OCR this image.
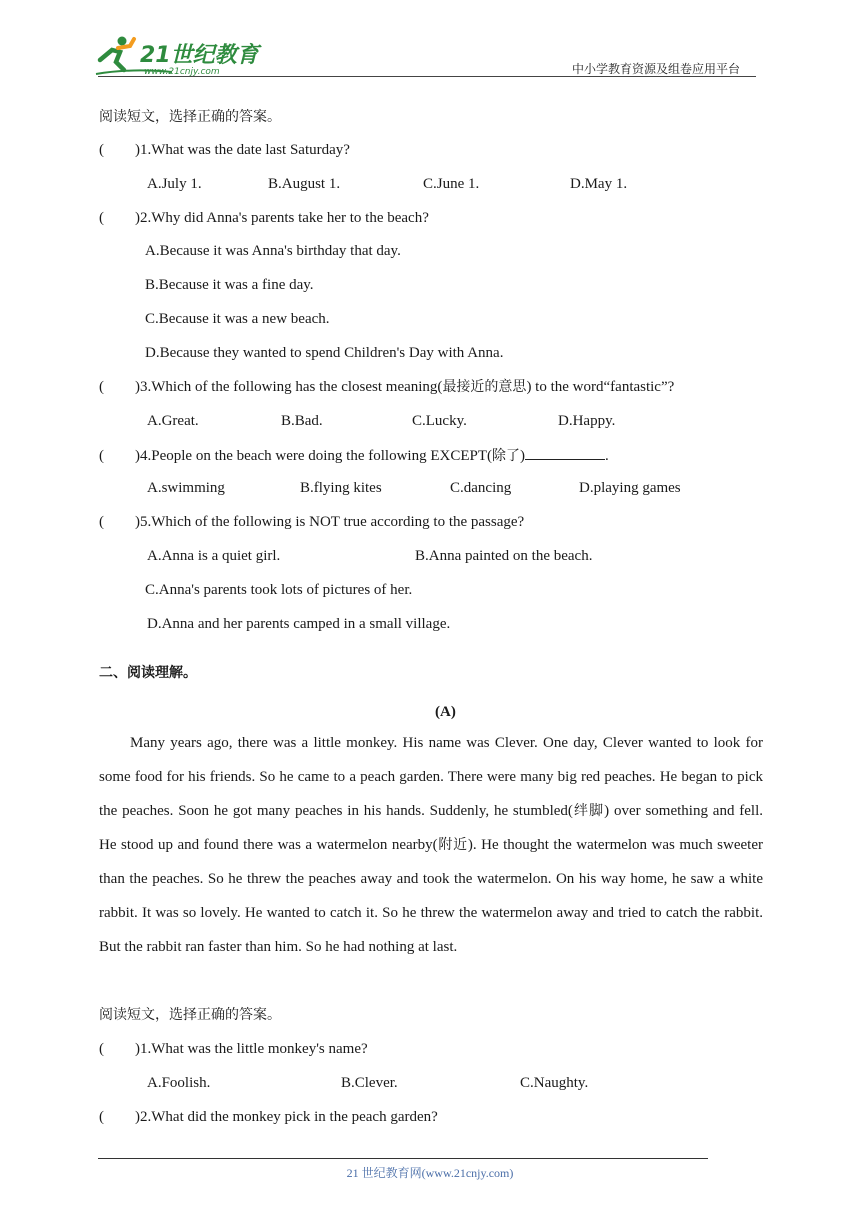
21世纪教育
www.21cnjy.com	中小学教育资源及组卷应用平台
阅读短文，选择正确的答案。
( )1.What was the date last Saturday?
A.July 1.	B.August 1.	C.June 1.	D.May 1.
( )2.Why did Anna's parents take her to the beach?
A.Because it was Anna's birthday that day.
B.Because it was a fine day.
C.Because it was a new beach.
D.Because they wanted to spend Children's Day with Anna.
( )3.Which of the following has the closest meaning(最接近的意思) to the word“fantastic”?
A.Great.	B.Bad.	C.Lucky.	D.Happy.
( )4.People on the beach were doing the following EXCEPT(除了)	.
A.swimming	B.flying kites	C.dancing	D.playing games
( )5.Which of the following is NOT true according to the passage?
A.Anna is a quiet girl.	B.Anna painted on the beach.
C.Anna's parents took lots of pictures of her.
D.Anna and her parents camped in a small village.
二、阅读理解。
(A)
Many years ago, there was a little monkey. His name was Clever. One day, Clever wanted to look for some food for his friends. So he came to a peach garden. There were many big red peaches. He began to pick the peaches. Soon he got many peaches in his hands. Suddenly, he stumbled(绊脚) over something and fell. He stood up and found there was a watermelon nearby(附近). He thought the watermelon was much sweeter than the peaches. So he threw the peaches away and took the watermelon. On his way home, he saw a white rabbit. It was so lovely. He wanted to catch it. So he threw the watermelon away and tried to catch the rabbit. But the rabbit ran faster than him. So he had nothing at last.
阅读短文，选择正确的答案。
( )1.What was the little monkey's name?
A.Foolish.	B.Clever.	C.Naughty.
( )2.What did the monkey pick in the peach garden?
21 世纪教育网(www.21cnjy.com)
